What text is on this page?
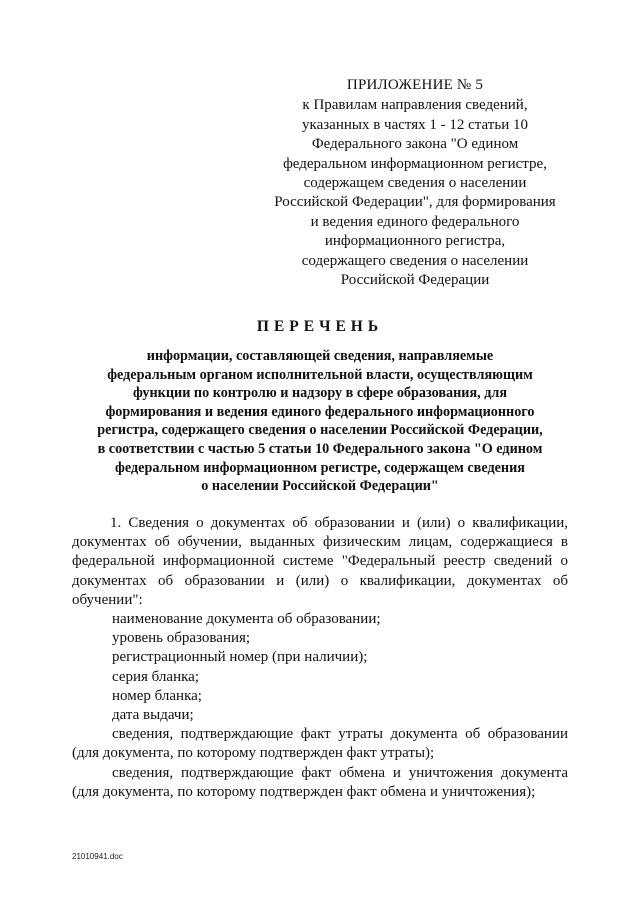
ПРИЛОЖЕНИЕ № 5
к Правилам направления сведений,
указанных в частях 1 - 12 статьи 10
Федерального закона "О едином
федеральном информационном регистре,
содержащем сведения о населении
Российской Федерации", для формирования
и ведения единого федерального
информационного регистра,
содержащего сведения о населении
Российской Федерации
ПЕРЕЧЕНЬ
информации, составляющей сведения, направляемые
федеральным органом исполнительной власти, осуществляющим
функции по контролю и надзору в сфере образования, для
формирования и ведения единого федерального информационного
регистра, содержащего сведения о населении Российской Федерации,
в соответствии с частью 5 статьи 10 Федерального закона "О едином
федеральном информационном регистре, содержащем сведения
о населении Российской Федерации"

1. Сведения о документах об образовании и (или) о квалификации, документах об обучении, выданных физическим лицам, содержащиеся в федеральной информационной системе "Федеральный реестр сведений о документах об образовании и (или) о квалификации, документах об обучении":

наименование документа об образовании;
уровень образования;
регистрационный номер (при наличии);
серия бланка;
номер бланка;
дата выдачи;

сведения, подтверждающие факт утраты документа об образовании (для документа, по которому подтвержден факт утраты);

сведения, подтверждающие факт обмена и уничтожения документа (для документа, по которому подтвержден факт обмена и уничтожения);

21010941.doc
